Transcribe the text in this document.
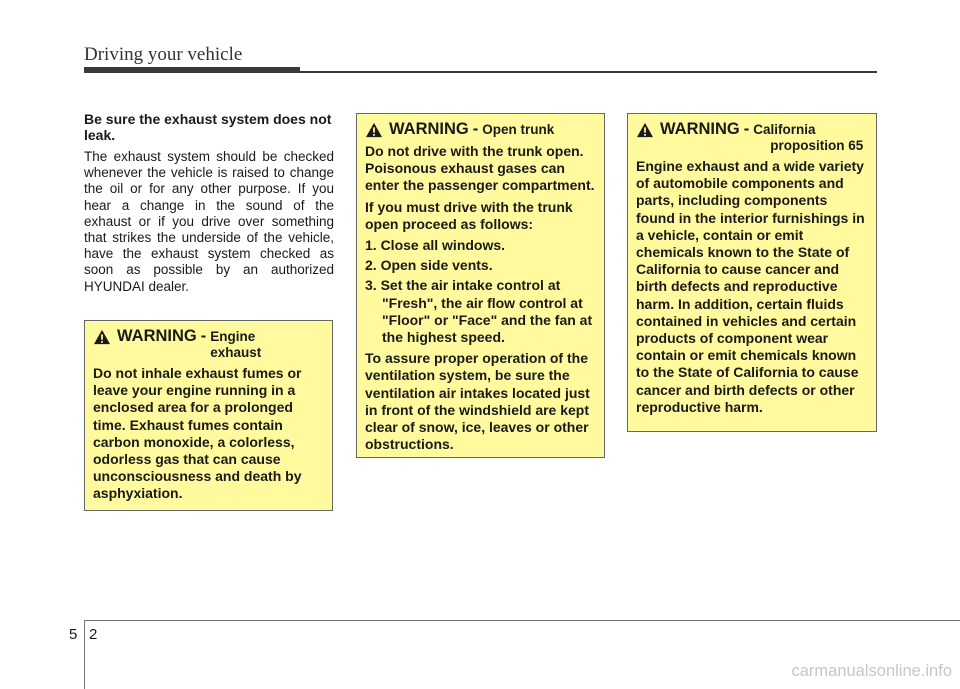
Driving your vehicle

Be sure the exhaust system does not leak.

The exhaust system should be checked whenever the vehicle is raised to change the oil or for any other purpose. If you hear a change in the sound of the exhaust or if you drive over something that strikes the underside of the vehicle, have the exhaust system checked as soon as possible by an authorized HYUNDAI dealer.

WARNING - Engine
exhaust

Do not inhale exhaust fumes or leave your engine running in a enclosed area for a prolonged time. Exhaust fumes contain carbon monoxide, a colorless, odorless gas that can cause unconsciousness and death by asphyxiation.

WARNING - Open trunk

Do not drive with the trunk open. Poisonous exhaust gases can enter the passenger compartment.

If you must drive with the trunk open proceed as follows:

1. Close all windows.
2. Open side vents.
3. Set the air intake control at "Fresh", the air flow control at "Floor" or "Face" and the fan at the highest speed.

To assure proper operation of the ventilation system, be sure the ventilation air intakes located just in front of the windshield are kept clear of snow, ice, leaves or other obstructions.

WARNING - California
proposition 65

Engine exhaust and a wide variety of automobile components and parts, including components found in the interior furnishings in a vehicle, contain or emit chemicals known to the State of California to cause cancer and birth defects and reproductive harm. In addition, certain fluids contained in vehicles and certain products of component wear contain or emit chemicals known to the State of California to cause cancer and birth defects or other reproductive harm.

5 2
carmanualsonline.info
